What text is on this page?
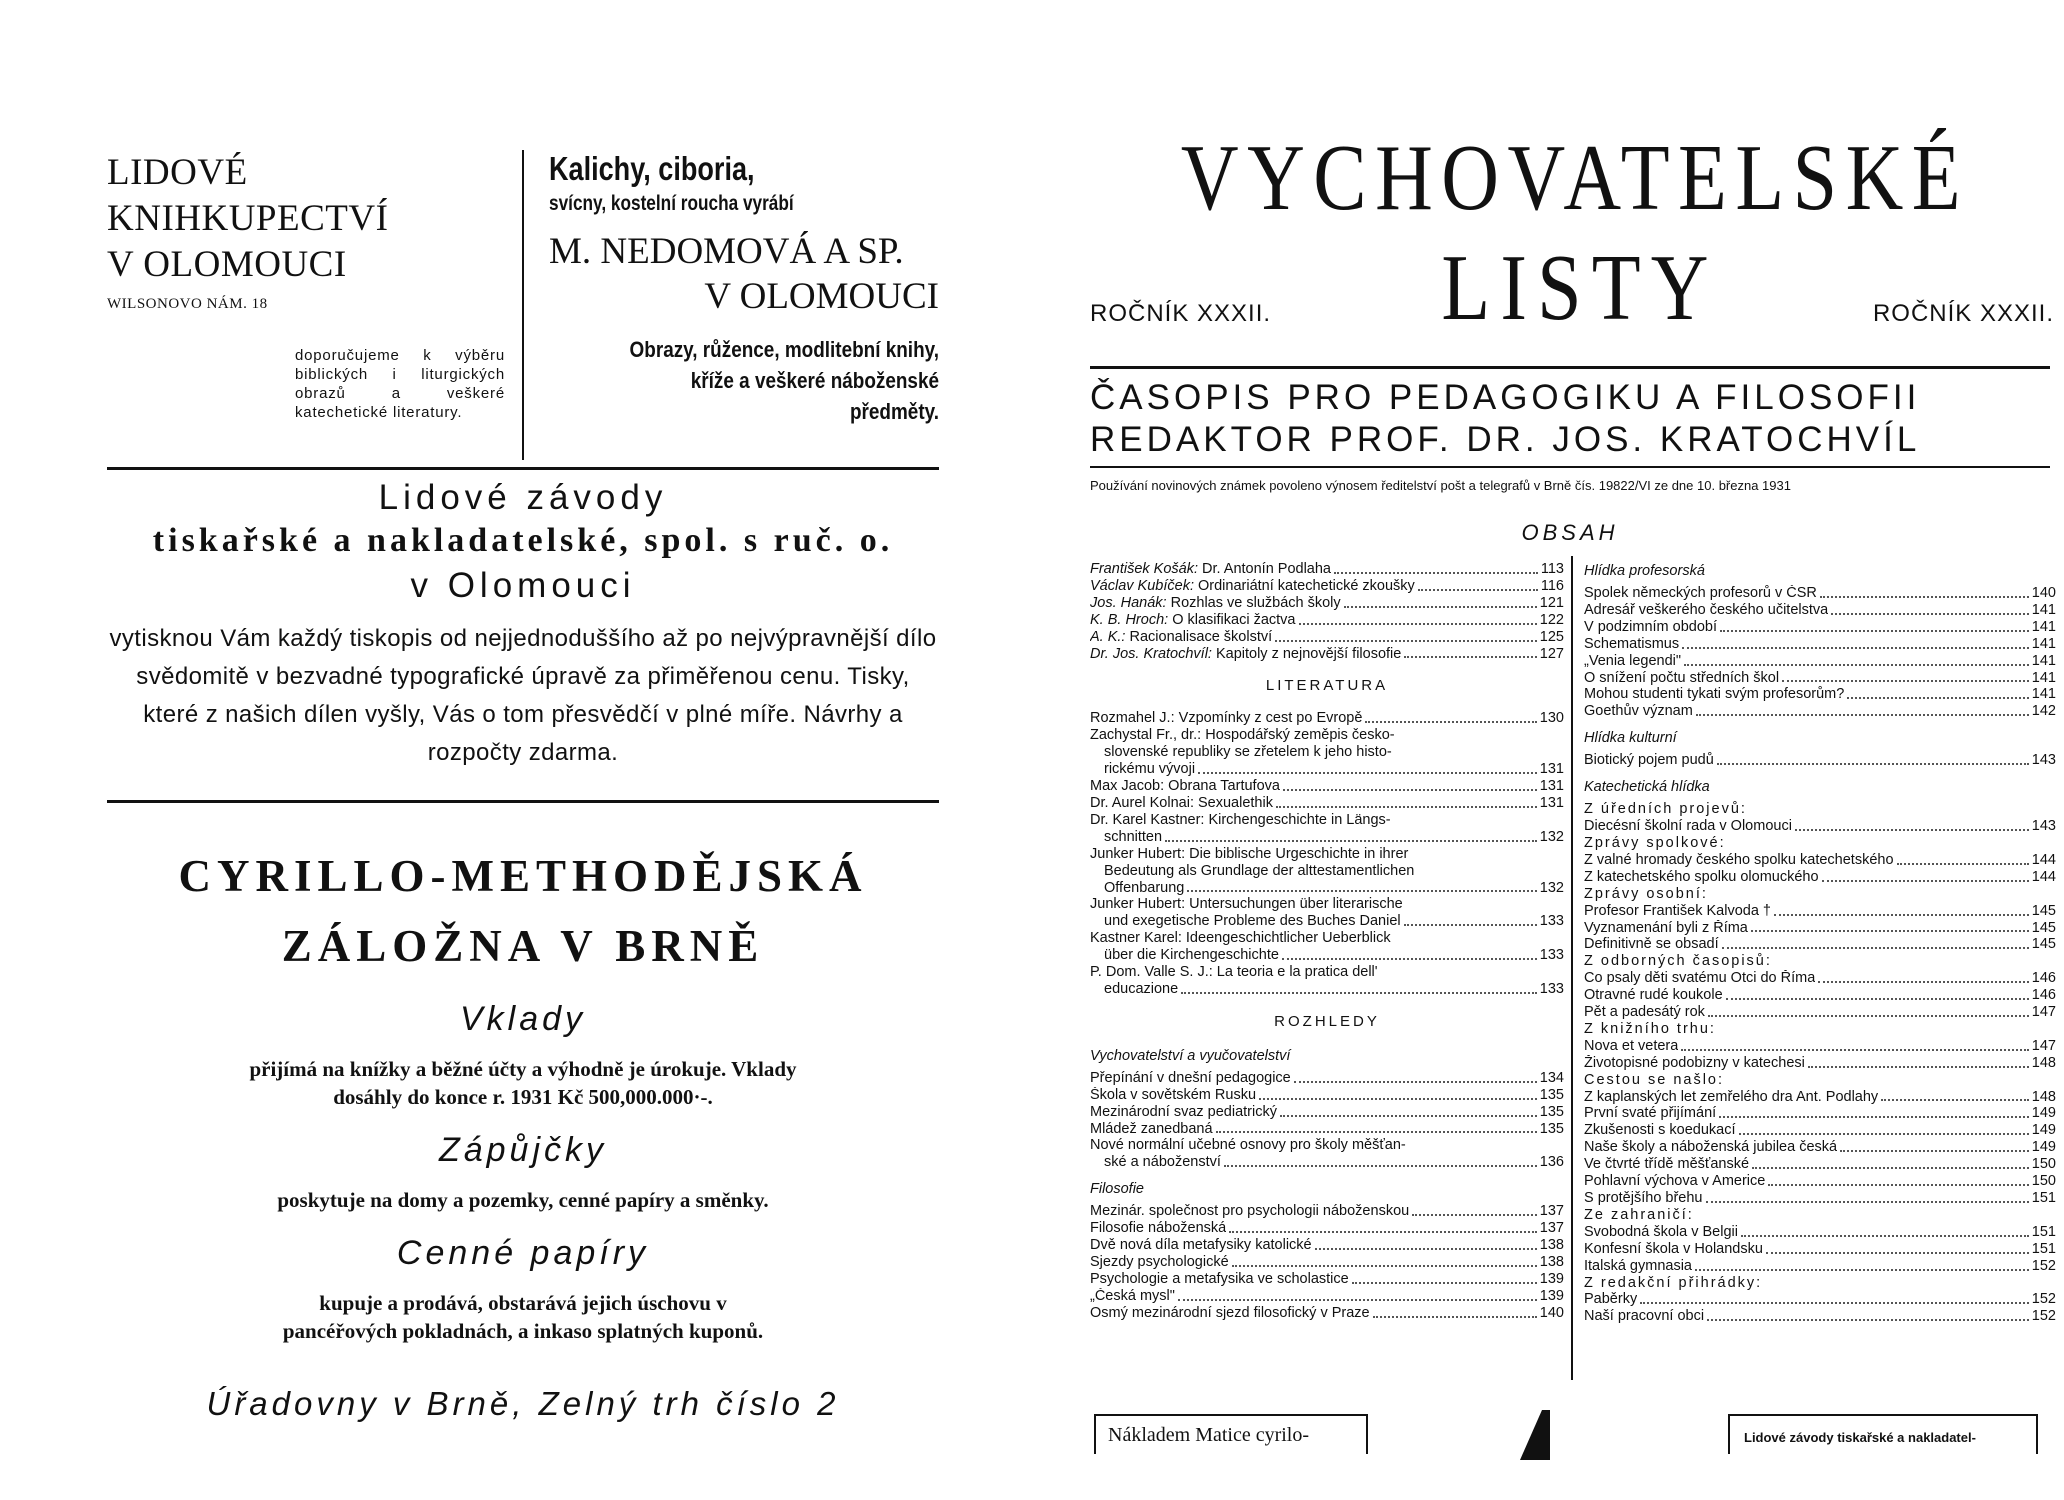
LIDOVÉ
KNIHKUPECTVÍ
V OLOMOUCI
WILSONOVO NÁM. 18
doporučujeme k výběru biblických i liturgických obrazů a veškeré katechetické literatury.
Kalichy, ciboria,
svícny, kostelní roucha vyrábí
M. NEDOMOVÁ A SP.
V OLOMOUCI
Obrazy, růžence, modlitební knihy, kříže a veškeré náboženské předměty.
Lidové závody
tiskařské a nakladatelské, spol. s ruč. o.
v Olomouci
vytisknou Vám každý tiskopis od nejjednoduššího až po nejvýpravnější dílo svědomitě v bezvadné typografické úpravě za přiměřenou cenu. Tisky, které z našich dílen vyšly, Vás o tom přesvědčí v plné míře. Návrhy a rozpočty zdarma.
CYRILLO-METHODĚJSKÁ
ZÁLOŽNA V BRNĚ
Vklady
přijímá na knížky a běžné účty a výhodně je úrokuje. Vklady dosáhly do konce r. 1931 Kč 500,000.000·-.
Zápůjčky
poskytuje na domy a pozemky, cenné papíry a směnky.
Cenné papíry
kupuje a prodává, obstarává jejich úschovu v pancéřových pokladnách, a inkaso splatných kuponů.
Úřadovny v Brně, Zelný trh číslo 2
VYCHOVATELSKÉ
ROČNÍK XXXII. LISTY	ROČNÍK XXXII.
ČASOPIS PRO PEDAGOGIKU A FILOSOFII
REDAKTOR PROF. DR. JOS. KRATOCHVÍL
Používání novinových známek povoleno výnosem ředitelství pošt a telegrafů v Brně čís. 19822/VI ze dne 10. března 1931
OBSAH
František Košák: Dr. Antonín Podlaha	113
Václav Kubíček: Ordinariátní katechetické zkoušky	116
Jos. Hanák: Rozhlas ve službách školy	121
K. B. Hroch: O klasifikaci žactva	122
A. K.: Racionalisace školství	125
Dr. Jos. Kratochvíl: Kapitoly z nejnovější filosofie	127
LITERATURA
Rozmahel J.: Vzpomínky z cest po Evropě	130
Zachystal Fr., dr.: Hospodářský zeměpis česko-
slovenské republiky se zřetelem k jeho histo-
rickému vývoji	131
Max Jacob: Obrana Tartufova	131
Dr. Aurel Kolnai: Sexualethik	131
Dr. Karel Kastner: Kirchengeschichte in Längs-
schnitten	132
Junker Hubert: Die biblische Urgeschichte in ihrer
Bedeutung als Grundlage der alttestamentlichen
Offenbarung	132
Junker Hubert: Untersuchungen über literarische
und exegetische Probleme des Buches Daniel	133
Kastner Karel: Ideengeschichtlicher Ueberblick
über die Kirchengeschichte	133
P. Dom. Valle S. J.: La teoria e la pratica dell'
educazione	133
ROZHLEDY
Vychovatelství a vyučovatelství
Přepínání v dnešní pedagogice	134
Škola v sovětském Rusku	135
Mezinárodní svaz pediatrický	135
Mládež zanedbaná	135
Nové normální učebné osnovy pro školy měšťan-
ské a náboženství	136
Filosofie
Mezinár. společnost pro psychologii náboženskou	137
Filosofie náboženská	137
Dvě nová díla metafysiky katolické	138
Sjezdy psychologické	138
Psychologie a metafysika ve scholastice	139
„Česká mysl"	139
Osmý mezinárodní sjezd filosofický v Praze	140
Hlídka profesorská
Spolek německých profesorů v ČSR	140
Adresář veškerého českého učitelstva	141
V podzimním období	141
Schematismus	141
„Venia legendi"	141
O snížení počtu středních škol	141
Mohou studenti tykati svým profesorům?	141
Goethův význam	142
Hlídka kulturní
Biotický pojem pudů	143
Katechetická hlídka
Z úředních projevů:
Diecésní školní rada v Olomouci	143
Zprávy spolkové:
Z valné hromady českého spolku katechetského	144
Z katechetského spolku olomuckého	144
Zprávy osobní:
Profesor František Kalvoda †	145
Vyznamenání byli z Říma	145
Definitivně se obsadí	145
Z odborných časopisů:
Co psaly děti svatému Otci do Říma	146
Otravné rudé koukole	146
Pět a padesátý rok	147
Z knižního trhu:
Nova et vetera	147
Životopisné podobizny v katechesi	148
Cestou se našlo:
Z kaplanských let zemřelého dra Ant. Podlahy	148
První svaté přijímání	149
Zkušenosti s koedukací	149
Naše školy a náboženská jubilea česká	149
Ve čtvrté třídě měšťanské	150
Pohlavní výchova v Americe	150
S protějšího břehu	151
Ze zahraničí:
Svobodná škola v Belgii	151
Konfesní škola v Holandsku	151
Italská gymnasia	152
Z redakční přihrádky:
Paběrky	152
Naší pracovní obci	152
Nákladem Matice cyrilo-	Lidové závody tiskařské a nakladatel-
